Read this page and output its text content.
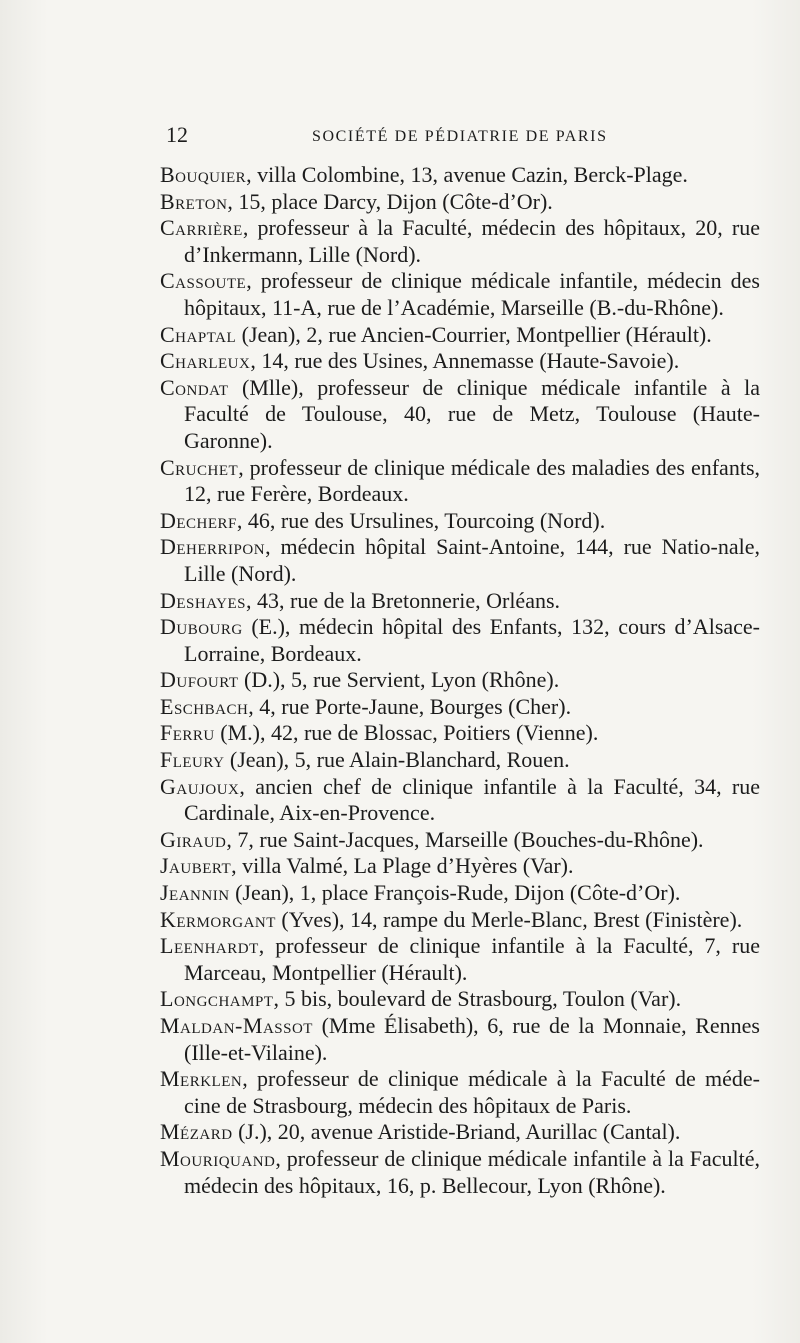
12	SOCIÉTÉ DE PÉDIATRIE DE PARIS
Bouquier, villa Colombine, 13, avenue Cazin, Berck-Plage.
Breton, 15, place Darcy, Dijon (Côte-d’Or).
Carrière, professeur à la Faculté, médecin des hôpitaux, 20, rue d’Inkermann, Lille (Nord).
Cassoute, professeur de clinique médicale infantile, médecin des hôpitaux, 11-A, rue de l’Académie, Marseille (B.-du-Rhône).
Chaptal (Jean), 2, rue Ancien-Courrier, Montpellier (Hérault).
Charleux, 14, rue des Usines, Annemasse (Haute-Savoie).
Condat (Mlle), professeur de clinique médicale infantile à la Faculté de Toulouse, 40, rue de Metz, Toulouse (Haute-Garonne).
Cruchet, professeur de clinique médicale des maladies des enfants, 12, rue Ferère, Bordeaux.
Decherf, 46, rue des Ursulines, Tourcoing (Nord).
Deherripon, médecin hôpital Saint-Antoine, 144, rue Natio-nale, Lille (Nord).
Deshayes, 43, rue de la Bretonnerie, Orléans.
Dubourg (E.), médecin hôpital des Enfants, 132, cours d’Alsace-Lorraine, Bordeaux.
Dufourt (D.), 5, rue Servient, Lyon (Rhône).
Eschbach, 4, rue Porte-Jaune, Bourges (Cher).
Ferru (M.), 42, rue de Blossac, Poitiers (Vienne).
Fleury (Jean), 5, rue Alain-Blanchard, Rouen.
Gaujoux, ancien chef de clinique infantile à la Faculté, 34, rue Cardinale, Aix-en-Provence.
Giraud, 7, rue Saint-Jacques, Marseille (Bouches-du-Rhône).
Jaubert, villa Valmé, La Plage d’Hyères (Var).
Jeannin (Jean), 1, place François-Rude, Dijon (Côte-d’Or).
Kermorgant (Yves), 14, rampe du Merle-Blanc, Brest (Finistère).
Leenhardt, professeur de clinique infantile à la Faculté, 7, rue Marceau, Montpellier (Hérault).
Longchampt, 5 bis, boulevard de Strasbourg, Toulon (Var).
Maldan-Massot (Mme Élisabeth), 6, rue de la Monnaie, Rennes (Ille-et-Vilaine).
Merklen, professeur de clinique médicale à la Faculté de méde-cine de Strasbourg, médecin des hôpitaux de Paris.
Mézard (J.), 20, avenue Aristide-Briand, Aurillac (Cantal).
Mouriquand, professeur de clinique médicale infantile à la Faculté, médecin des hôpitaux, 16, p. Bellecour, Lyon (Rhône).
